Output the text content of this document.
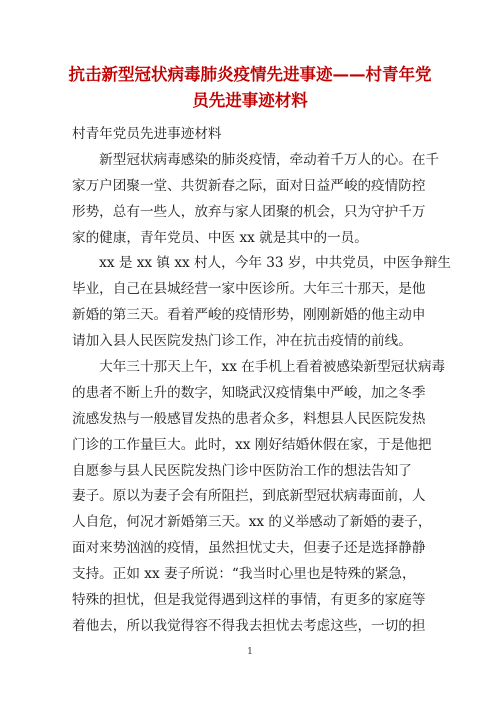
抗击新型冠状病毒肺炎疫情先进事迹——村青年党
员先进事迹材料
村青年党员先进事迹材料
　　新型冠状病毒感染的肺炎疫情，牵动着千万人的心。在千
家万户团聚一堂、共贺新春之际，面对日益严峻的疫情防控
形势，总有一些人，放弃与家人团聚的机会，只为守护千万
家的健康，青年党员、中医 xx 就是其中的一员。
　　xx 是 xx 镇 xx 村人，今年 33 岁，中共党员，中医争辩生
毕业，自己在县城经营一家中医诊所。大年三十那天，是他
新婚的第三天。看着严峻的疫情形势，刚刚新婚的他主动申
请加入县人民医院发热门诊工作，冲在抗击疫情的前线。
　　大年三十那天上午，xx 在手机上看着被感染新型冠状病毒
的患者不断上升的数字，知晓武汉疫情集中严峻，加之冬季
流感发热与一般感冒发热的患者众多，料想县人民医院发热
门诊的工作量巨大。此时，xx 刚好结婚休假在家，于是他把
自愿参与县人民医院发热门诊中医防治工作的想法告知了
妻子。原以为妻子会有所阻拦，到底新型冠状病毒面前，人
人自危，何况才新婚第三天。xx 的义举感动了新婚的妻子，
面对来势汹汹的疫情，虽然担忧丈夫，但妻子还是选择静静
支持。正如 xx 妻子所说：“我当时心里也是特殊的紧急，
特殊的担忧，但是我觉得遇到这样的事情，有更多的家庭等
着他去，所以我觉得容不得我去担忧去考虑这些，一切的担
1
